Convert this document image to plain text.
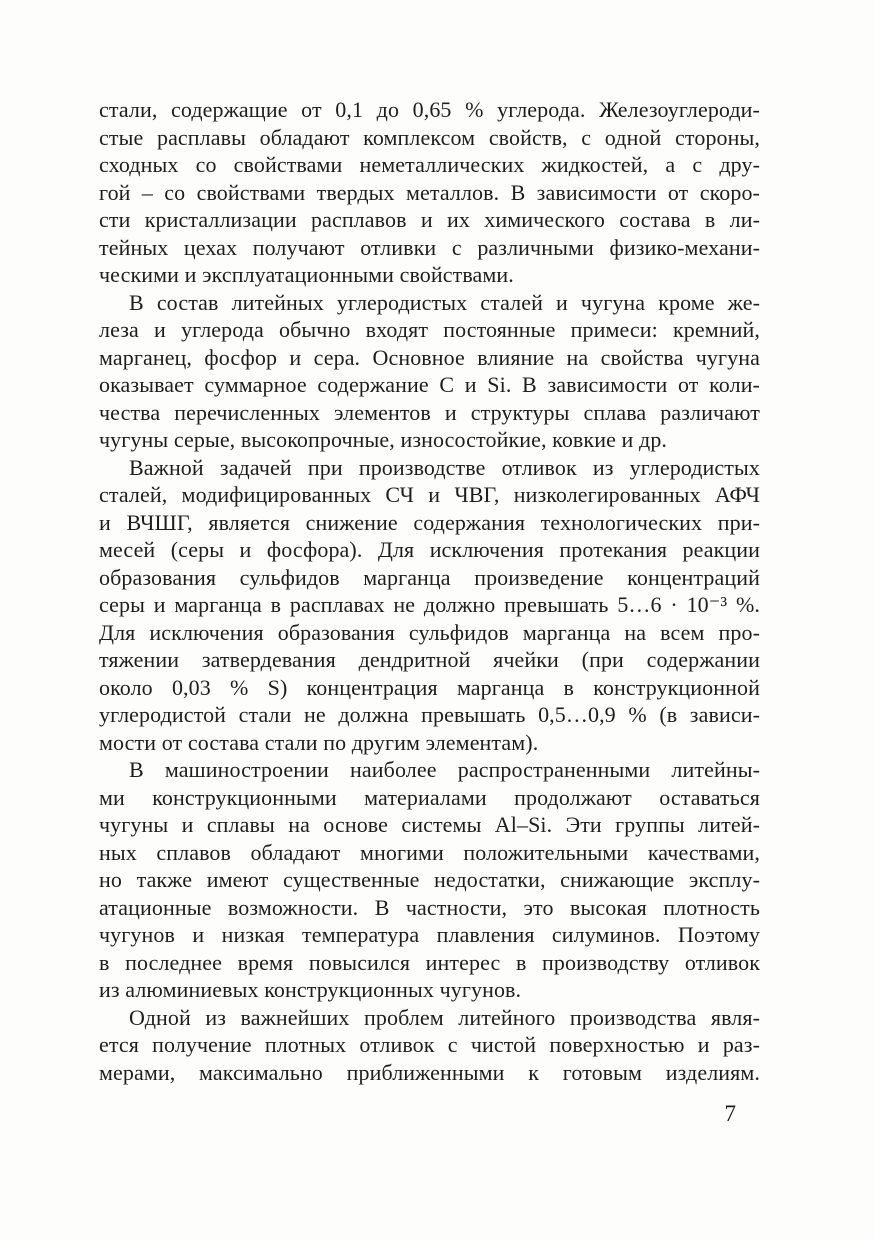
стали, содержащие от 0,1 до 0,65 % углерода. Железоуглероди-
стые расплавы обладают комплексом свойств, с одной стороны,
сходных со свойствами неметаллических жидкостей, а с дру-
гой – со свойствами твердых металлов. В зависимости от скоро-
сти кристаллизации расплавов и их химического состава в ли-
тейных цехах получают отливки с различными физико-механи-
ческими и эксплуатационными свойствами.
В состав литейных углеродистых сталей и чугуна кроме же-
леза и углерода обычно входят постоянные примеси: кремний,
марганец, фосфор и сера. Основное влияние на свойства чугуна
оказывает суммарное содержание C и Si. В зависимости от коли-
чества перечисленных элементов и структуры сплава различают
чугуны серые, высокопрочные, износостойкие, ковкие и др.
Важной задачей при производстве отливок из углеродистых
сталей, модифицированных СЧ и ЧВГ, низколегированных АФЧ
и ВЧШГ, является снижение содержания технологических при-
месей (серы и фосфора). Для исключения протекания реакции
образования сульфидов марганца произведение концентраций
серы и марганца в расплавах не должно превышать 5…6 · 10⁻³ %.
Для исключения образования сульфидов марганца на всем про-
тяжении затвердевания дендритной ячейки (при содержании
около 0,03 % S) концентрация марганца в конструкционной
углеродистой стали не должна превышать 0,5…0,9 % (в зависи-
мости от состава стали по другим элементам).
В машиностроении наиболее распространенными литейны-
ми конструкционными материалами продолжают оставаться
чугуны и сплавы на основе системы Al–Si. Эти группы литей-
ных сплавов обладают многими положительными качествами,
но также имеют существенные недостатки, снижающие эксплу-
атационные возможности. В частности, это высокая плотность
чугунов и низкая температура плавления силуминов. Поэтому
в последнее время повысился интерес в производству отливок
из алюминиевых конструкционных чугунов.
Одной из важнейших проблем литейного производства явля-
ется получение плотных отливок с чистой поверхностью и раз-
мерами, максимально приближенными к готовым изделиям.
7
